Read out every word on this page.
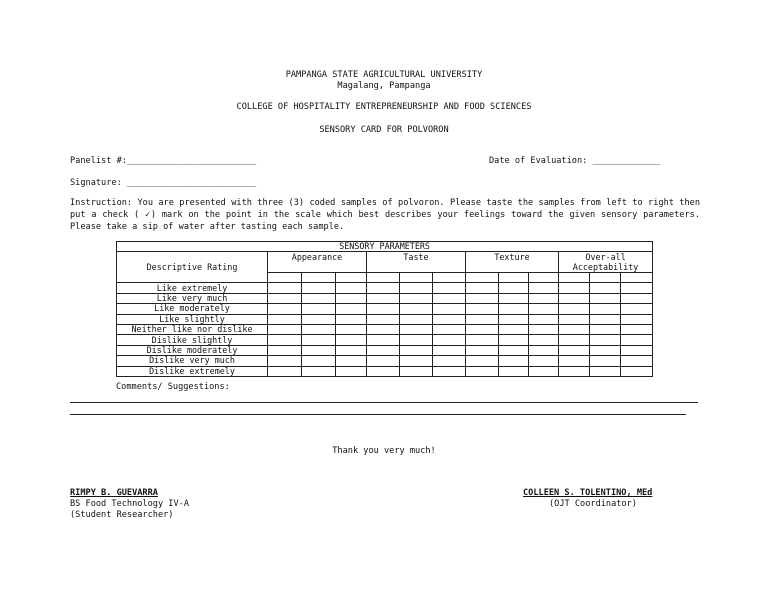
PAMPANGA STATE AGRICULTURAL UNIVERSITY
Magalang, Pampanga
COLLEGE OF HOSPITALITY ENTREPRENEURSHIP AND FOOD SCIENCES
SENSORY CARD FOR POLVORON
Panelist #:_________________________	Date of Evaluation: _____________
Signature: _________________________
Instruction: You are presented with three (3) coded samples of polvoron. Please taste the samples from left to right then put a check ( ✓) mark on the point in the scale which best describes your feelings toward the given sensory parameters. Please take a sip of water after tasting each sample.
SENSORY PARAMETERS												
Descriptive Rating	Appearance			Taste			Texture			Over-all Acceptability		

Like extremely												
Like very much												
Like moderately												
Like slightly												
Neither like nor dislike												
Dislike slightly												
Dislike moderately												
Dislike very much												
Dislike extremely												
Comments/ Suggestions:
Thank you very much!
RIMPY B. GUEVARRA
BS Food Technology IV-A
(Student Researcher)
COLLEEN S. TOLENTINO, MEd
(OJT Coordinator)
